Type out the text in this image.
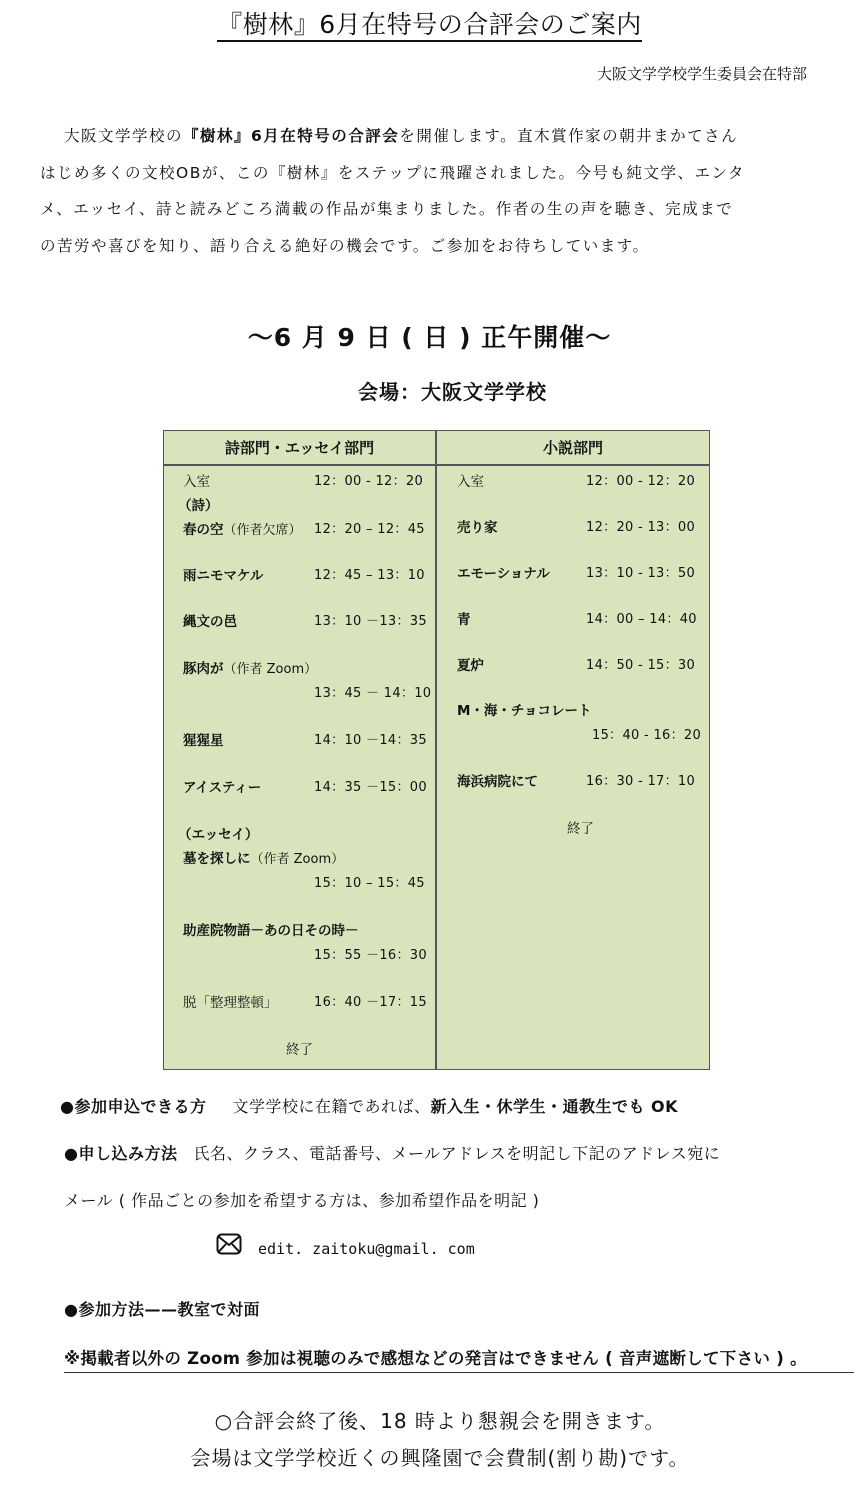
『樹林』6月在特号の合評会のご案内
大阪文学学校学生委員会在特部

大阪文学学校の『樹林』6月在特号の合評会を開催します。直木賞作家の朝井まかてさん

はじめ多くの文校OBが、この『樹林』をステップに飛躍されました。今号も純文学、エンタ

メ、エッセイ、詩と読みどころ満載の作品が集まりました。作者の生の声を聴き、完成まで

の苦労や喜びを知り、語り合える絶好の機会です。ご参加をお待ちしています。

～6 月 9 日 ( 日 ) 正午開催～
会場：大阪文学学校
詩部門・エッセイ部門	小説部門
入室	12：00 - 12：20
（詩）
春の空（作者欠席） 12：20 – 12：45
雨ニモマケル	12：45 – 13：10
縄文の邑	13：10 －13：35
豚肉が（作者 Zoom）
13：45 － 14：10
猩猩星	14：10 －14：35
アイスティー	14：35 －15：00
（エッセイ）
墓を探しに（作者 Zoom）
15：10 – 15：45
助産院物語－あの日その時－
15：55 －16：30
脱「整理整頓」	16：40 －17：15
終了
入室	12：00 - 12：20
売り家	12：20 - 13：00
エモーショナル	13：10 - 13：50
青	14：00 – 14：40
夏炉	14：50 - 15：30
M・海・チョコレート
15：40 - 16：20
海浜病院にて	16：30 - 17：10
終了
●参加申込できる方 文学学校に在籍であれば、新入生・休学生・通教生でも OK
●申し込み方法 氏名、クラス、電話番号、メールアドレスを明記し下記のアドレス宛に
メール ( 作品ごとの参加を希望する方は、参加希望作品を明記 )
edit. zaitoku@gmail. com
●参加方法——教室で対面
※掲載者以外の Zoom 参加は視聴のみで感想などの発言はできません ( 音声遮断して下さい ) 。
○合評会終了後、18 時より懇親会を開きます。
会場は文学学校近くの興隆園で会費制(割り勘)です。
